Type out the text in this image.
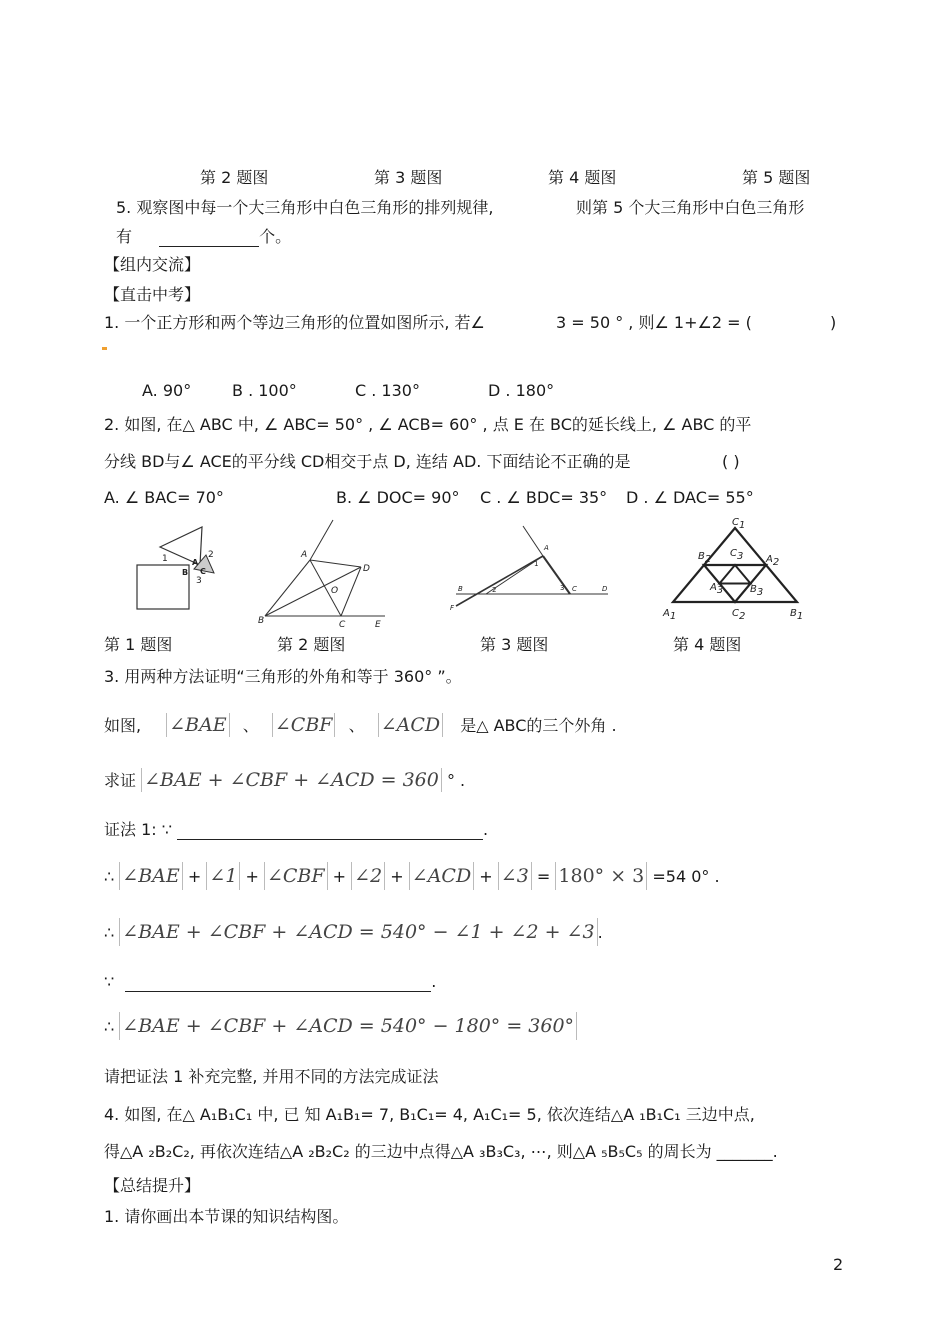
第 2 题图	第 3 题图	第 4 题图	第 5 题图
5. 观察图中每一个大三角形中白色三角形的排列规律,	则第 5 个大三角形中白色三角形
有	个。
【组内交流】
【直击中考】
1. 一个正方形和两个等边三角形的位置如图所示, 若∠	3 = 50 ° , 则∠ 1+∠2 = (	)
A. 90°	B . 100°	C . 130°	D . 180°
2. 如图, 在△ ABC 中, ∠ ABC= 50° , ∠ ACB= 60° , 点 E 在 BC的延长线上, ∠ ABC 的平
分线 BD与∠ ACE的平分线 CD相交于点 D, 连结 AD. 下面结论不正确的是	( )
A. ∠ BAC= 70°	B. ∠ DOC= 90° C . ∠ BDC= 35° D . ∠ DAC= 55°
1	2
3
A
B C
A
B	C
D
E
O
A
B	C	D
F
1
2	3
A1	B1
C1
B2	A2
C2
C3
A3	B3
第 1 题图	第 2 题图	第 3 题图	第 4 题图
3. 用两种方法证明“三角形的外角和等于 360° ”。
如图, ∠BAE 、 ∠CBF 、 ∠ACD 是△ ABC的三个外角 .
求证 ∠BAE + ∠CBF + ∠ACD = 360 ° .
证法 1: ∵	.
∴ ∠BAE + ∠1 + ∠CBF + ∠2 + ∠ACD + ∠3 = 180° × 3 =54 0° .
∴ ∠BAE + ∠CBF + ∠ACD = 540° − ∠1 + ∠2 + ∠3 .
∵	.
∴ ∠BAE + ∠CBF + ∠ACD = 540° − 180° = 360°
请把证法 1 补充完整, 并用不同的方法完成证法
4. 如图, 在△ A₁B₁C₁ 中, 已 知 A₁B₁= 7, B₁C₁= 4, A₁C₁= 5, 依次连结△A ₁B₁C₁ 三边中点,
得△A ₂B₂C₂, 再依次连结△A ₂B₂C₂ 的三边中点得△A ₃B₃C₃, ⋯, 则△A ₅B₅C₅ 的周长为 _______.
【总结提升】
1. 请你画出本节课的知识结构图。
2
